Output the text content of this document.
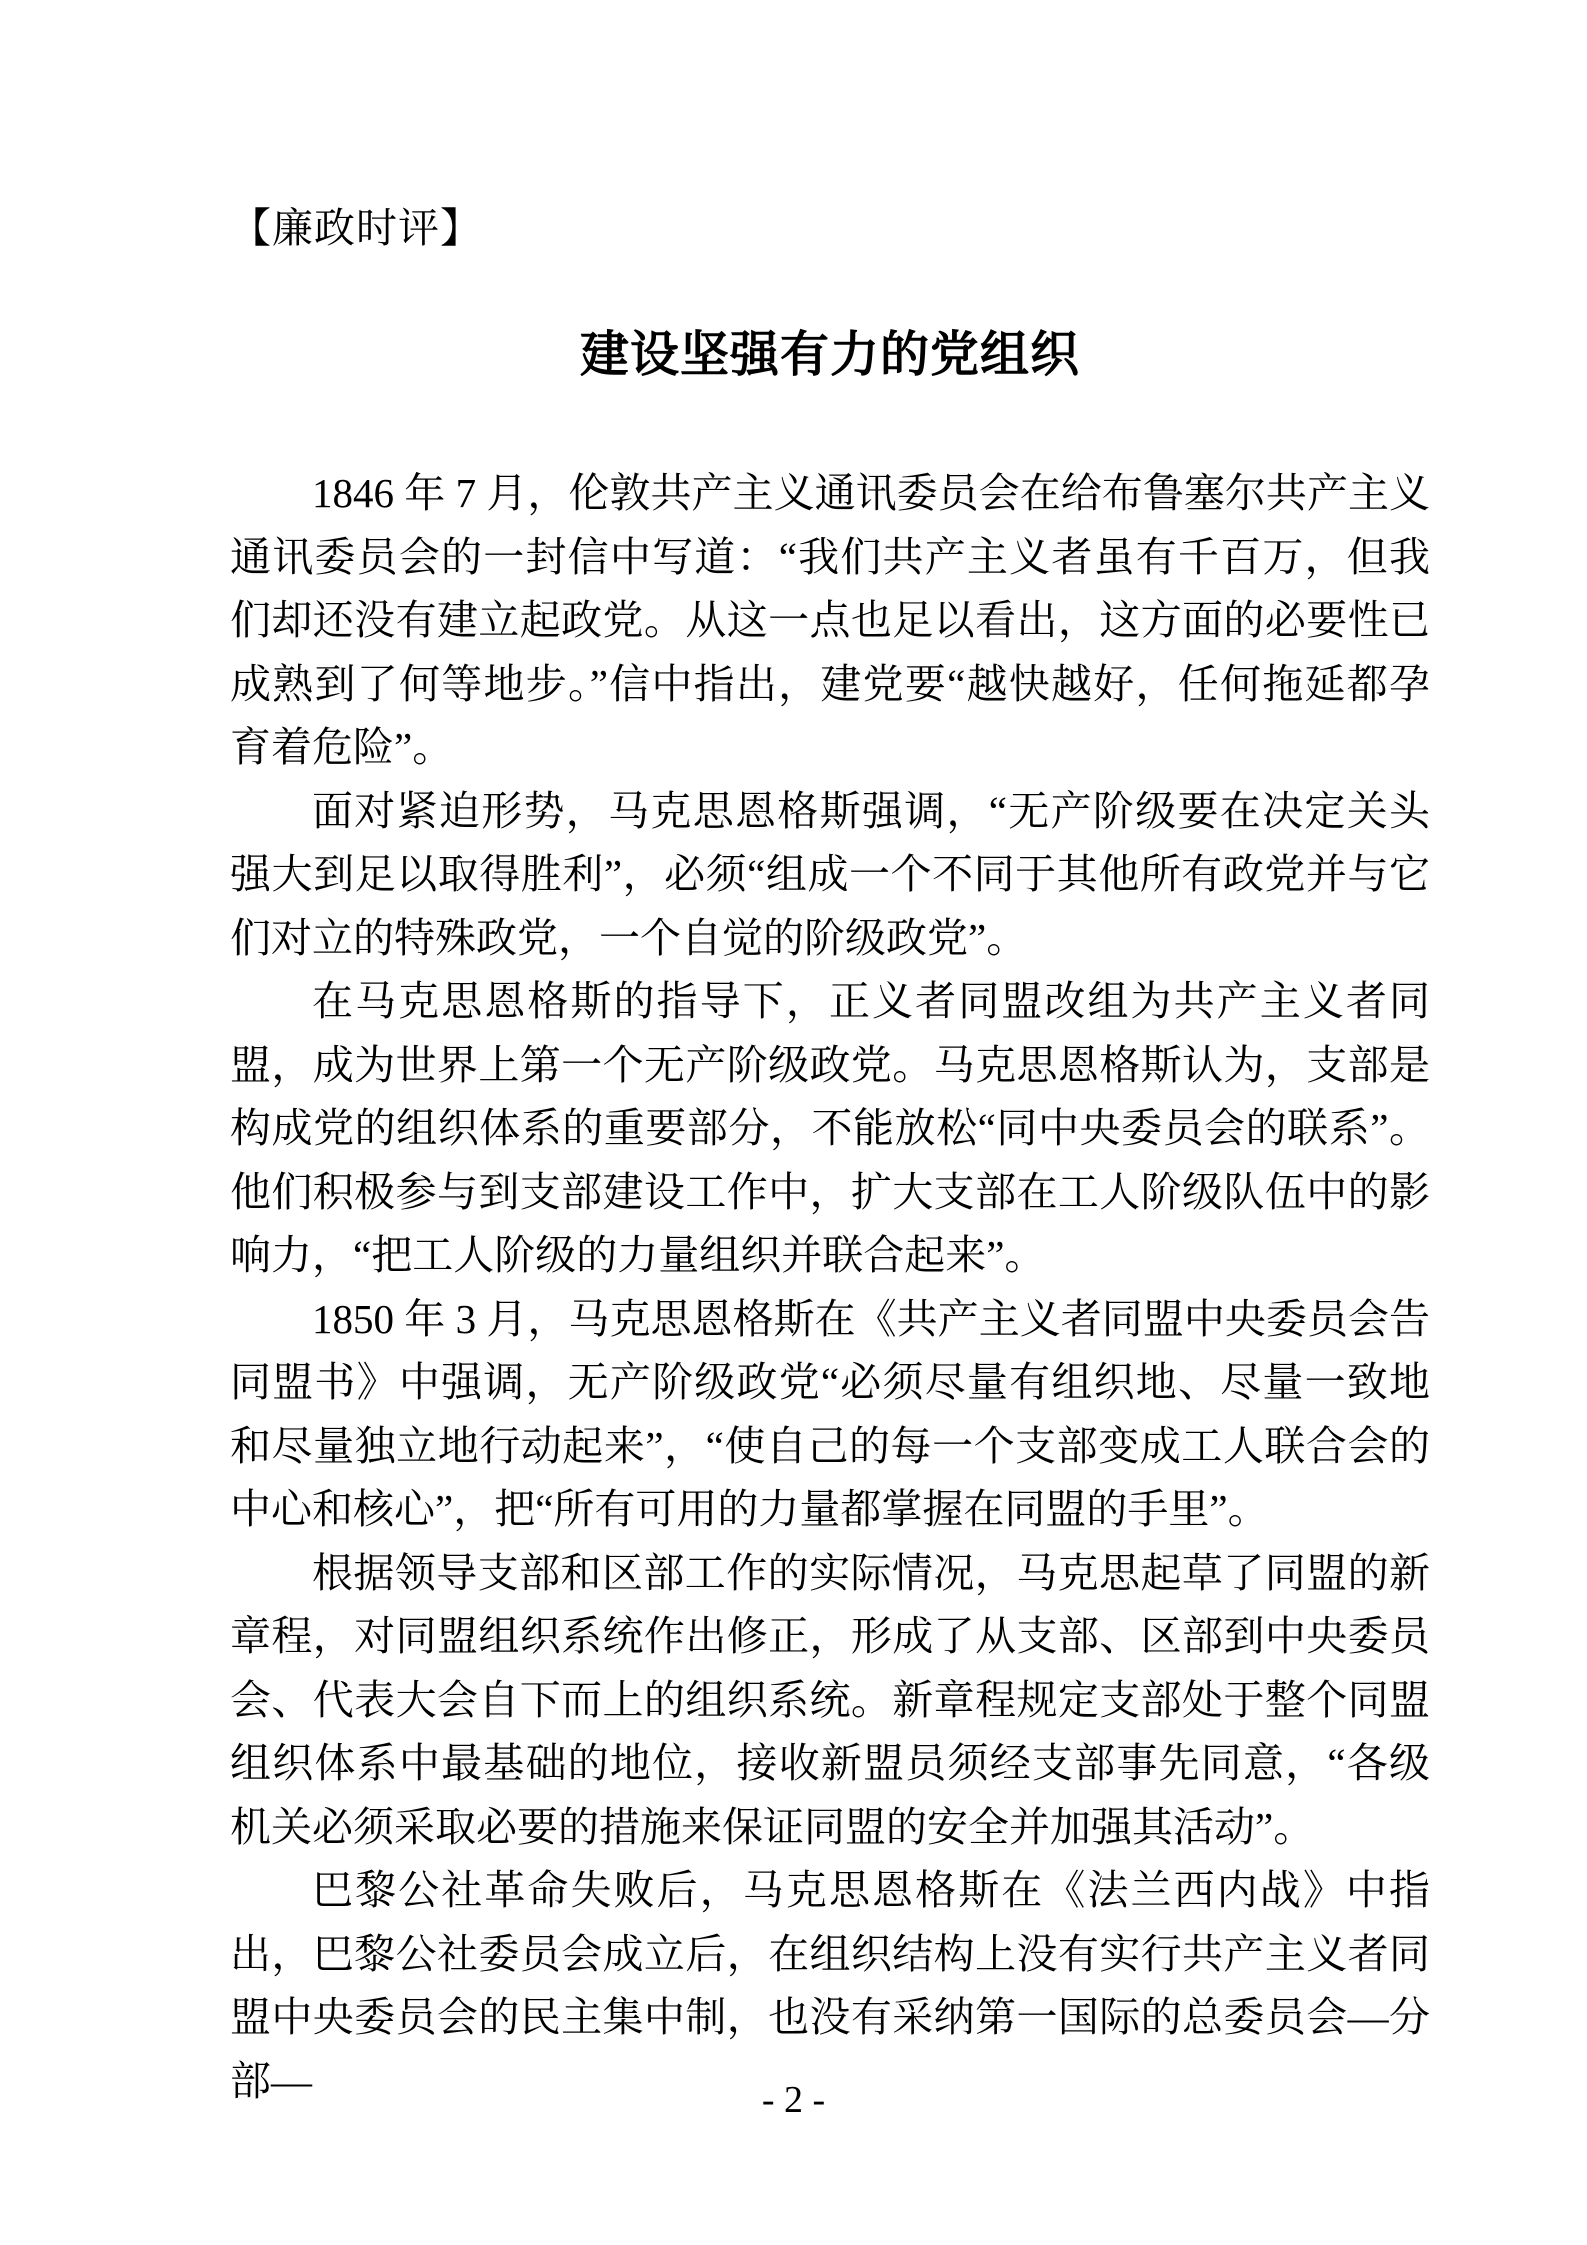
【廉政时评】
建设坚强有力的党组织

1846 年 7 月，伦敦共产主义通讯委员会在给布鲁塞尔共产主义通讯委员会的一封信中写道：“我们共产主义者虽有千百万，但我们却还没有建立起政党。从这一点也足以看出，这方面的必要性已成熟到了何等地步。”信中指出，建党要“越快越好，任何拖延都孕育着危险”。

面对紧迫形势，马克思恩格斯强调，“无产阶级要在决定关头强大到足以取得胜利”，必须“组成一个不同于其他所有政党并与它们对立的特殊政党，一个自觉的阶级政党”。

在马克思恩格斯的指导下，正义者同盟改组为共产主义者同盟，成为世界上第一个无产阶级政党。马克思恩格斯认为，支部是构成党的组织体系的重要部分，不能放松“同中央委员会的联系”。他们积极参与到支部建设工作中，扩大支部在工人阶级队伍中的影响力，“把工人阶级的力量组织并联合起来”。

1850 年 3 月，马克思恩格斯在《共产主义者同盟中央委员会告同盟书》中强调，无产阶级政党“必须尽量有组织地、尽量一致地和尽量独立地行动起来”，“使自己的每一个支部变成工人联合会的中心和核心”，把“所有可用的力量都掌握在同盟的手里”。

根据领导支部和区部工作的实际情况，马克思起草了同盟的新章程，对同盟组织系统作出修正，形成了从支部、区部到中央委员会、代表大会自下而上的组织系统。新章程规定支部处于整个同盟组织体系中最基础的地位，接收新盟员须经支部事先同意，“各级机关必须采取必要的措施来保证同盟的安全并加强其活动”。

巴黎公社革命失败后，马克思恩格斯在《法兰西内战》中指出，巴黎公社委员会成立后，在组织结构上没有实行共产主义者同盟中央委员会的民主集中制，也没有采纳第一国际的总委员会—分部—	- 2 -
